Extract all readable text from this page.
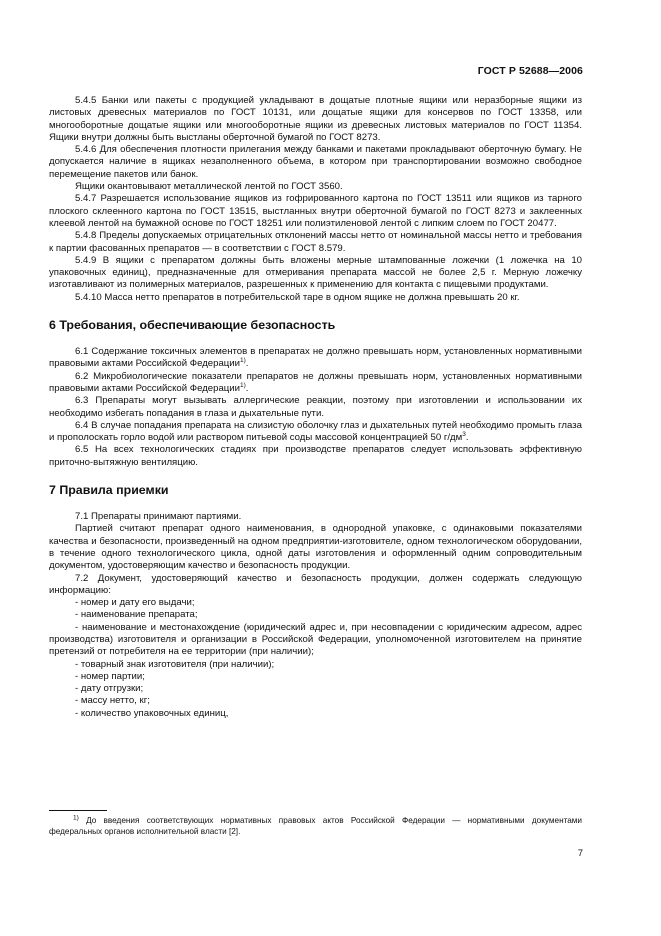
ГОСТ Р 52688—2006

5.4.5 Банки или пакеты с продукцией укладывают в дощатые плотные ящики или неразборные ящики из листовых древесных материалов по ГОСТ 10131, или дощатые ящики для консервов по ГОСТ 13358, или многооборотные дощатые ящики или многооборотные ящики из древесных листовых материалов по ГОСТ 11354. Ящики внутри должны быть выстланы оберточной бумагой по ГОСТ 8273.

5.4.6 Для обеспечения плотности прилегания между банками и пакетами прокладывают оберточную бумагу. Не допускается наличие в ящиках незаполненного объема, в котором при транспортировании возможно свободное перемещение пакетов или банок.

Ящики окантовывают металлической лентой по ГОСТ 3560.

5.4.7 Разрешается использование ящиков из гофрированного картона по ГОСТ 13511 или ящиков из тарного плоского склеенного картона по ГОСТ 13515, выстланных внутри оберточной бумагой по ГОСТ 8273 и заклеенных клеевой лентой на бумажной основе по ГОСТ 18251 или полиэтиленовой лентой с липким слоем по ГОСТ 20477.

5.4.8 Пределы допускаемых отрицательных отклонений массы нетто от номинальной массы нетто и требования к партии фасованных препаратов — в соответствии с ГОСТ 8.579.

5.4.9 В ящики с препаратом должны быть вложены мерные штампованные ложечки (1 ложечка на 10 упаковочных единиц), предназначенные для отмеривания препарата массой не более 2,5 г. Мерную ложечку изготавливают из полимерных материалов, разрешенных к применению для контакта с пищевыми продуктами.

5.4.10 Масса нетто препаратов в потребительской таре в одном ящике не должна превышать 20 кг.

6 Требования, обеспечивающие безопасность

6.1 Содержание токсичных элементов в препаратах не должно превышать норм, установленных нормативными правовыми актами Российской Федерации$^{1)}$.

6.2 Микробиологические показатели препаратов не должны превышать норм, установленных нормативными правовыми актами Российской Федерации$^{1)}$.

6.3 Препараты могут вызывать аллергические реакции, поэтому при изготовлении и использовании их необходимо избегать попадания в глаза и дыхательные пути.

6.4 В случае попадания препарата на слизистую оболочку глаз и дыхательных путей необходимо промыть глаза и прополоскать горло водой или раствором питьевой соды массовой концентрацией 50 $г/дм^3$.

6.5 На всех технологических стадиях при производстве препаратов следует использовать эффективную приточно-вытяжную вентиляцию.

7 Правила приемки

7.1 Препараты принимают партиями.

Партией считают препарат одного наименования, в однородной упаковке, с одинаковыми показателями качества и безопасности, произведенный на одном предприятии-изготовителе, одном технологическом оборудовании, в течение одного технологического цикла, одной даты изготовления и оформленный одним сопроводительным документом, удостоверяющим качество и безопасность продукции.

7.2 Документ, удостоверяющий качество и безопасность продукции, должен содержать следующую информацию:

- номер и дату его выдачи;
- наименование препарата;
- наименование и местонахождение (юридический адрес и, при несовпадении с юридическим адресом, адрес производства) изготовителя и организации в Российской Федерации, уполномоченной изготовителем на принятие претензий от потребителя на ее территории (при наличии);
- товарный знак изготовителя (при наличии);
- номер партии;
- дату отгрузки;
- массу нетто, кг;
- количество упаковочных единиц,
$^{1)}$ До введения соответствующих нормативных правовых актов Российской Федерации — нормативными документами федеральных органов исполнительной власти [2].
7
